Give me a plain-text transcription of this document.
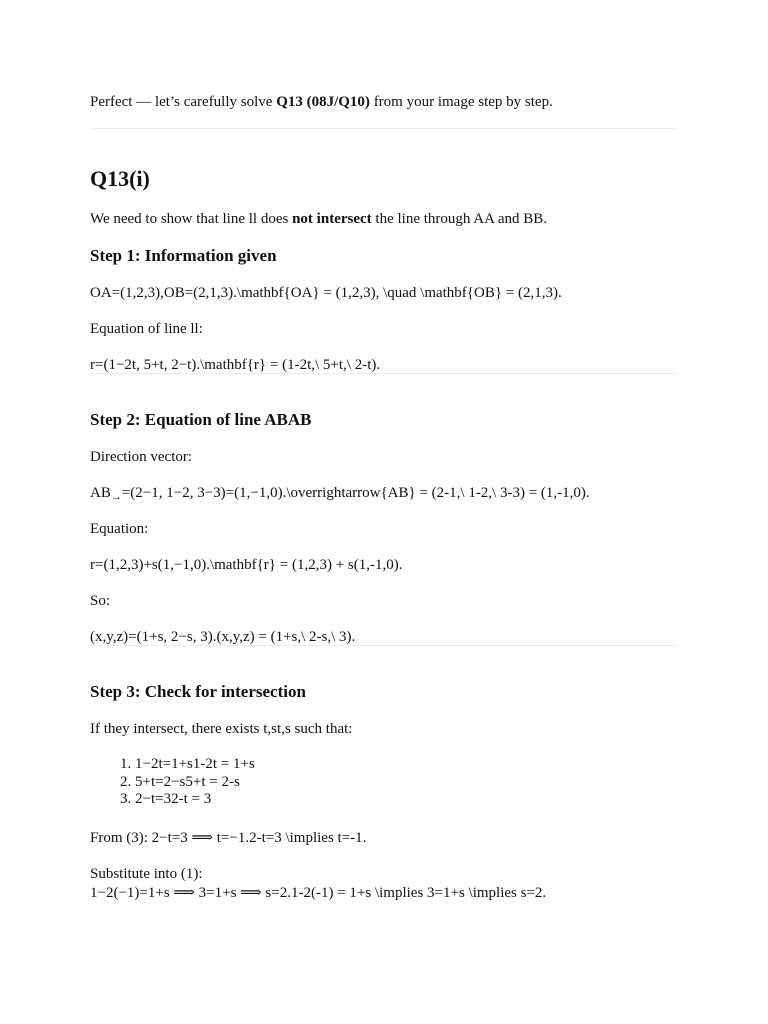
Perfect — let’s carefully solve Q13 (08J/Q10) from your image step by step.
Q13(i)
We need to show that line ll does not intersect the line through AA and BB.
Step 1: Information given
OA=(1,2,3),OB=(2,1,3).\mathbf{OA} = (1,2,3), \quad \mathbf{OB} = (2,1,3).
Equation of line ll:
r=(1−2t, 5+t, 2−t).\mathbf{r} = (1-2t,\ 5+t,\ 2-t).
Step 2: Equation of line ABAB
Direction vector:
$AB_\to=(2-1$, 1−2, 3−3)=(1,−1,0).\overrightarrow{AB} = (2-1,\ 1-2,\ 3-3) = (1,-1,0).
Equation:
r=(1,2,3)+s(1,−1,0).\mathbf{r} = (1,2,3) + s(1,-1,0).
So:
(x,y,z)=(1+s, 2−s, 3).(x,y,z) = (1+s,\ 2-s,\ 3).
Step 3: Check for intersection
If they intersect, there exists t,st,s such that:
1. 1−2t=1+s1-2t = 1+s
2. 5+t=2−s5+t = 2-s
3. 2−t=32-t = 3
From (3): 2−t=3 ⟹ t=−1.2-t=3 \implies t=-1.
Substitute into (1):
1−2(−1)=1+s ⟹ 3=1+s ⟹ s=2.1-2(-1) = 1+s \implies 3=1+s \implies s=2.
